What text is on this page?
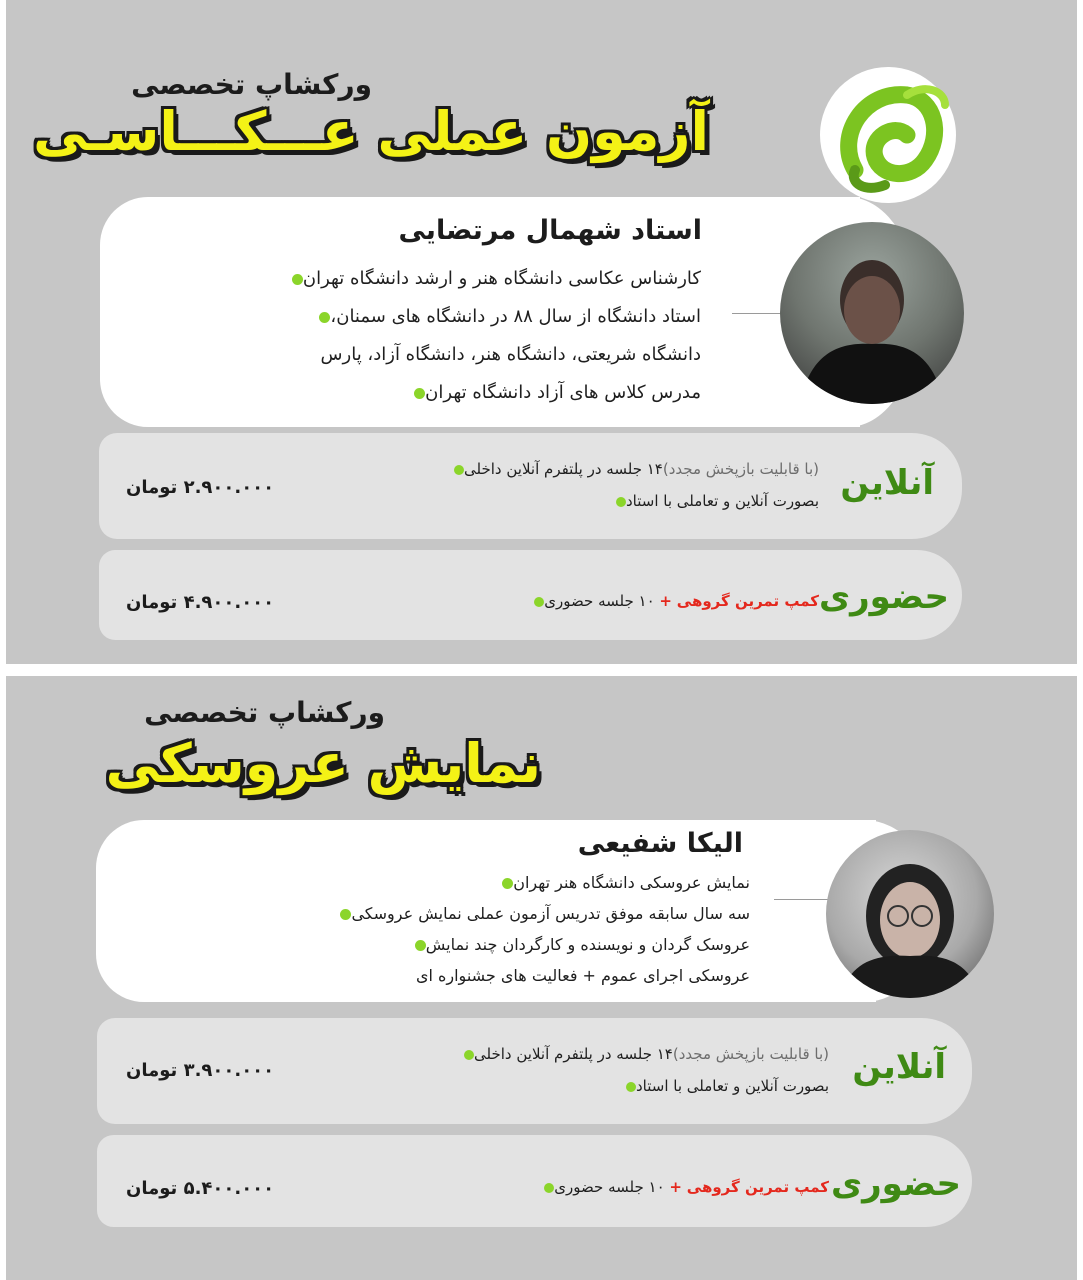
ورکشاپ تخصصی
آزمون عملی عـــکـــاسـی
استاد شهمال مرتضایی
کارشناس عکاسی دانشگاه هنر و ارشد دانشگاه تهران
استاد دانشگاه از سال ۸۸ در دانشگاه های سمنان،
دانشگاه شریعتی، دانشگاه هنر، دانشگاه آزاد، پارس
مدرس کلاس های آزاد دانشگاه تهران
آنلاین
(با قابلیت بازپخش مجدد)۱۴ جلسه در پلتفرم آنلاین داخلی
بصورت آنلاین و تعاملی با استاد
۲.۹۰۰.۰۰۰ تومان
حضوری
کمپ تمرین گروهی + ۱۰ جلسه حضوری
۴.۹۰۰.۰۰۰ تومان
ورکشاپ تخصصی
نمایش عروسکی
الیکا شفیعی
نمایش عروسکی دانشگاه هنر تهران
سه سال سابقه موفق تدریس آزمون عملی نمایش عروسکی
عروسک گردان و نویسنده و کارگردان چند نمایش
عروسکی اجرای عموم + فعالیت های جشنواره ای
آنلاین
(با قابلیت بازپخش مجدد)۱۴ جلسه در پلتفرم آنلاین داخلی
بصورت آنلاین و تعاملی با استاد
۳.۹۰۰.۰۰۰ تومان
حضوری
کمپ تمرین گروهی + ۱۰ جلسه حضوری
۵.۴۰۰.۰۰۰ تومان
